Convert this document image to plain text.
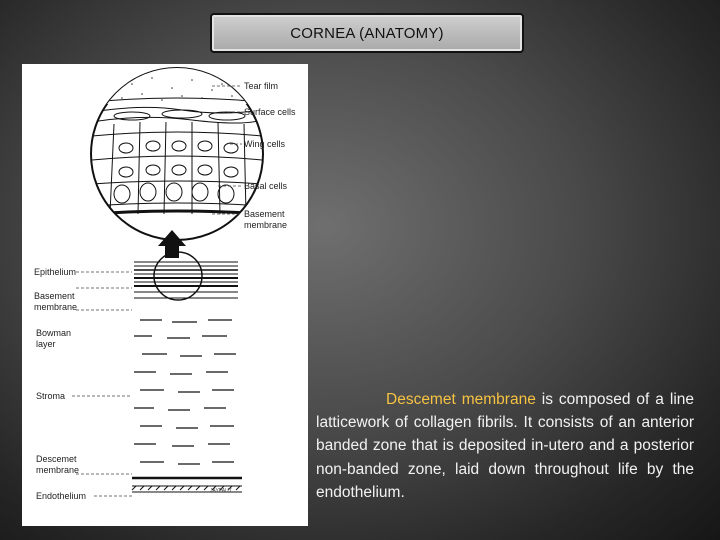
CORNEA (ANATOMY)
Tear film
Surface cells
Wing cells
Basal cells
Basement
membrane
Epithelium
Basement
membrane
Bowman
layer
Stroma
Descemet
membrane
Endothelium	JAYPAUT
Descemet membrane is composed of a line latticework of collagen fibrils. It consists of an anterior banded zone that is deposited in-utero and a posterior non-banded zone, laid down throughout life by the endothelium.
